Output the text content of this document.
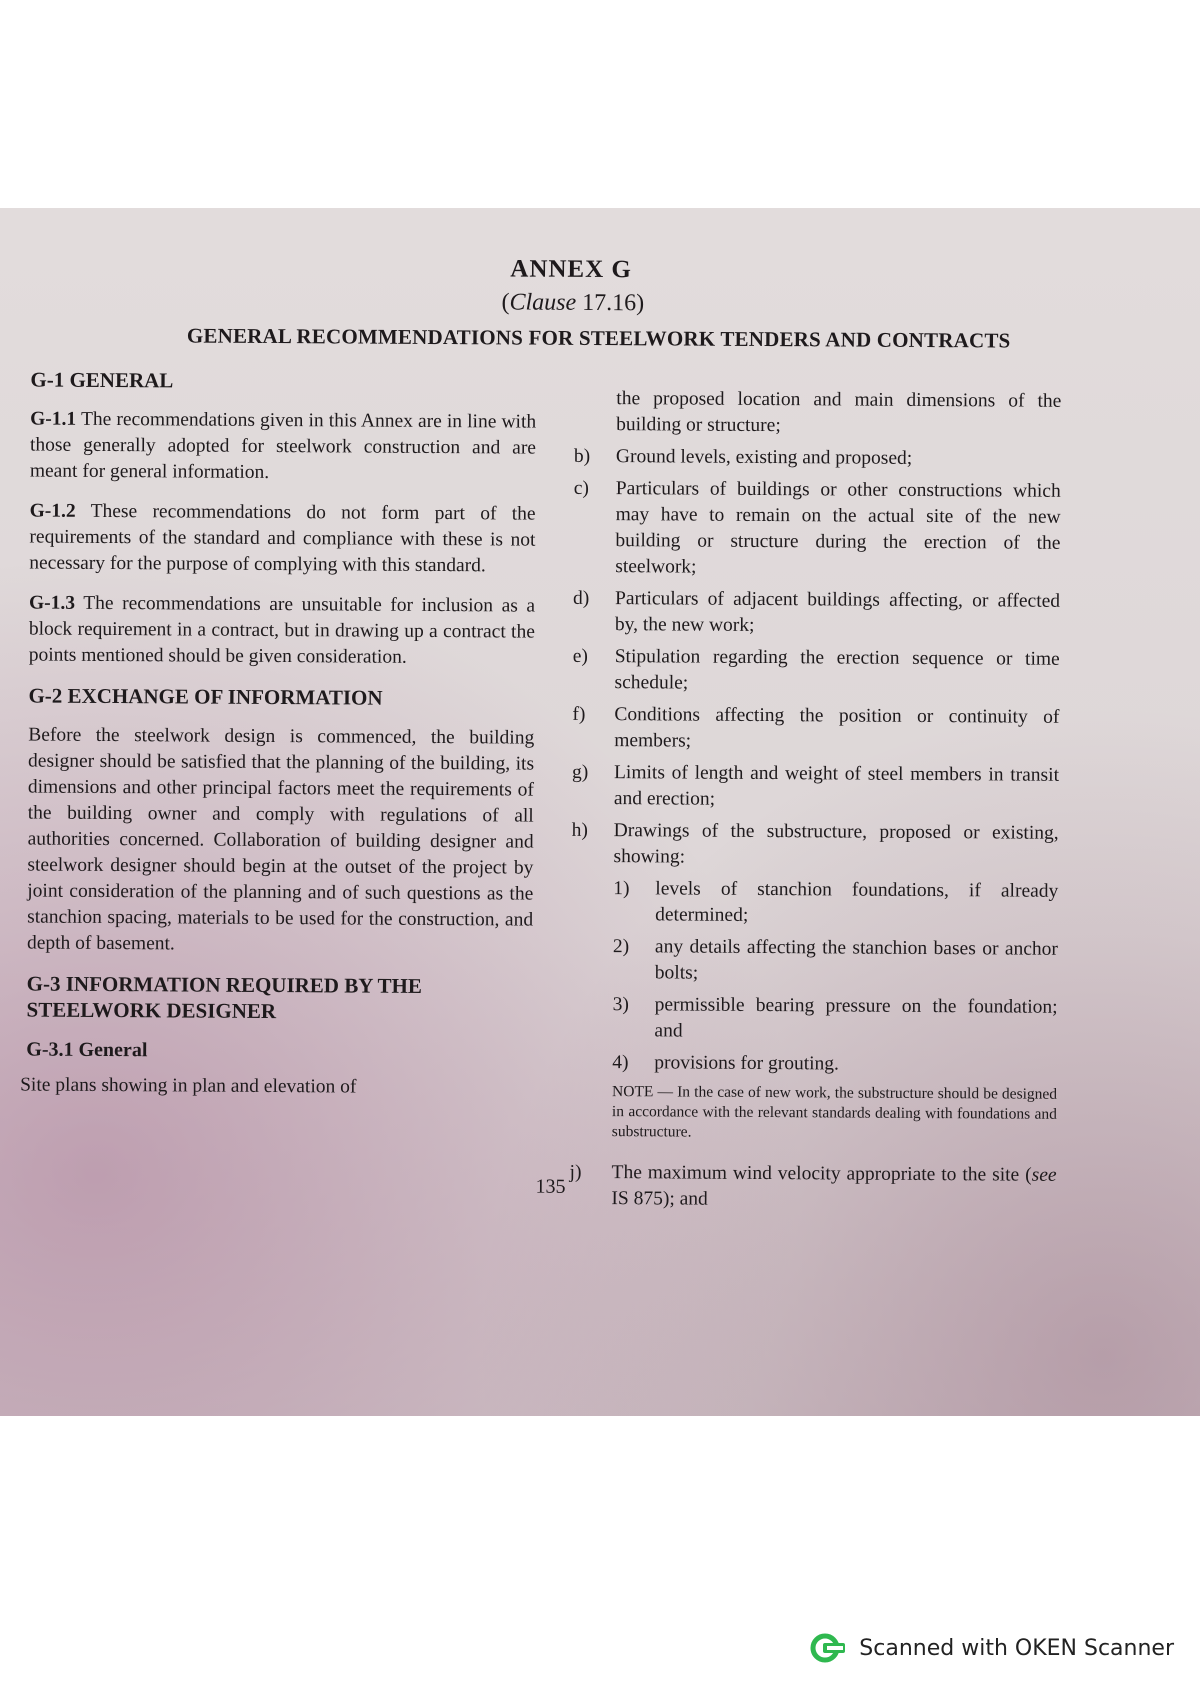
ANNEX G
(Clause 17.16)
GENERAL RECOMMENDATIONS FOR STEELWORK TENDERS AND CONTRACTS
G-1 GENERAL

G-1.1 The recommendations given in this Annex are in line with those generally adopted for steelwork construction and are meant for general information.

G-1.2 These recommendations do not form part of the requirements of the standard and compliance with these is not necessary for the purpose of complying with this standard.

G-1.3 The recommendations are unsuitable for inclusion as a block requirement in a contract, but in drawing up a contract the points mentioned should be given consideration.

G-2 EXCHANGE OF INFORMATION

Before the steelwork design is commenced, the building designer should be satisfied that the planning of the building, its dimensions and other principal factors meet the requirements of the building owner and comply with regulations of all authorities concerned. Collaboration of building designer and steelwork designer should begin at the outset of the project by joint consideration of the planning and of such questions as the stanchion spacing, materials to be used for the construction, and depth of basement.

G-3 INFORMATION REQUIRED BY THE STEELWORK DESIGNER
G-3.1 General
Site plans showing in plan and elevation of
the proposed location and main dimensions of the building or structure;
b)	Ground levels, existing and proposed;
c)	Particulars of buildings or other constructions which may have to remain on the actual site of the new building or structure during the erection of the steelwork;
d)	Particulars of adjacent buildings affecting, or affected by, the new work;
e)	Stipulation regarding the erection sequence or time schedule;
f)	Conditions affecting the position or continuity of members;
g)	Limits of length and weight of steel members in transit and erection;
h)	Drawings of the substructure, proposed or existing, showing:
1)	levels of stanchion foundations, if already determined;
2)	any details affecting the stanchion bases or anchor bolts;
3)	permissible bearing pressure on the foundation; and
4)	provisions for grouting.

NOTE — In the case of new work, the substructure should be designed in accordance with the relevant standards dealing with foundations and substructure.

j)	The maximum wind velocity appropriate to the site (see IS 875); and
135
Scanned with OKEN Scanner
